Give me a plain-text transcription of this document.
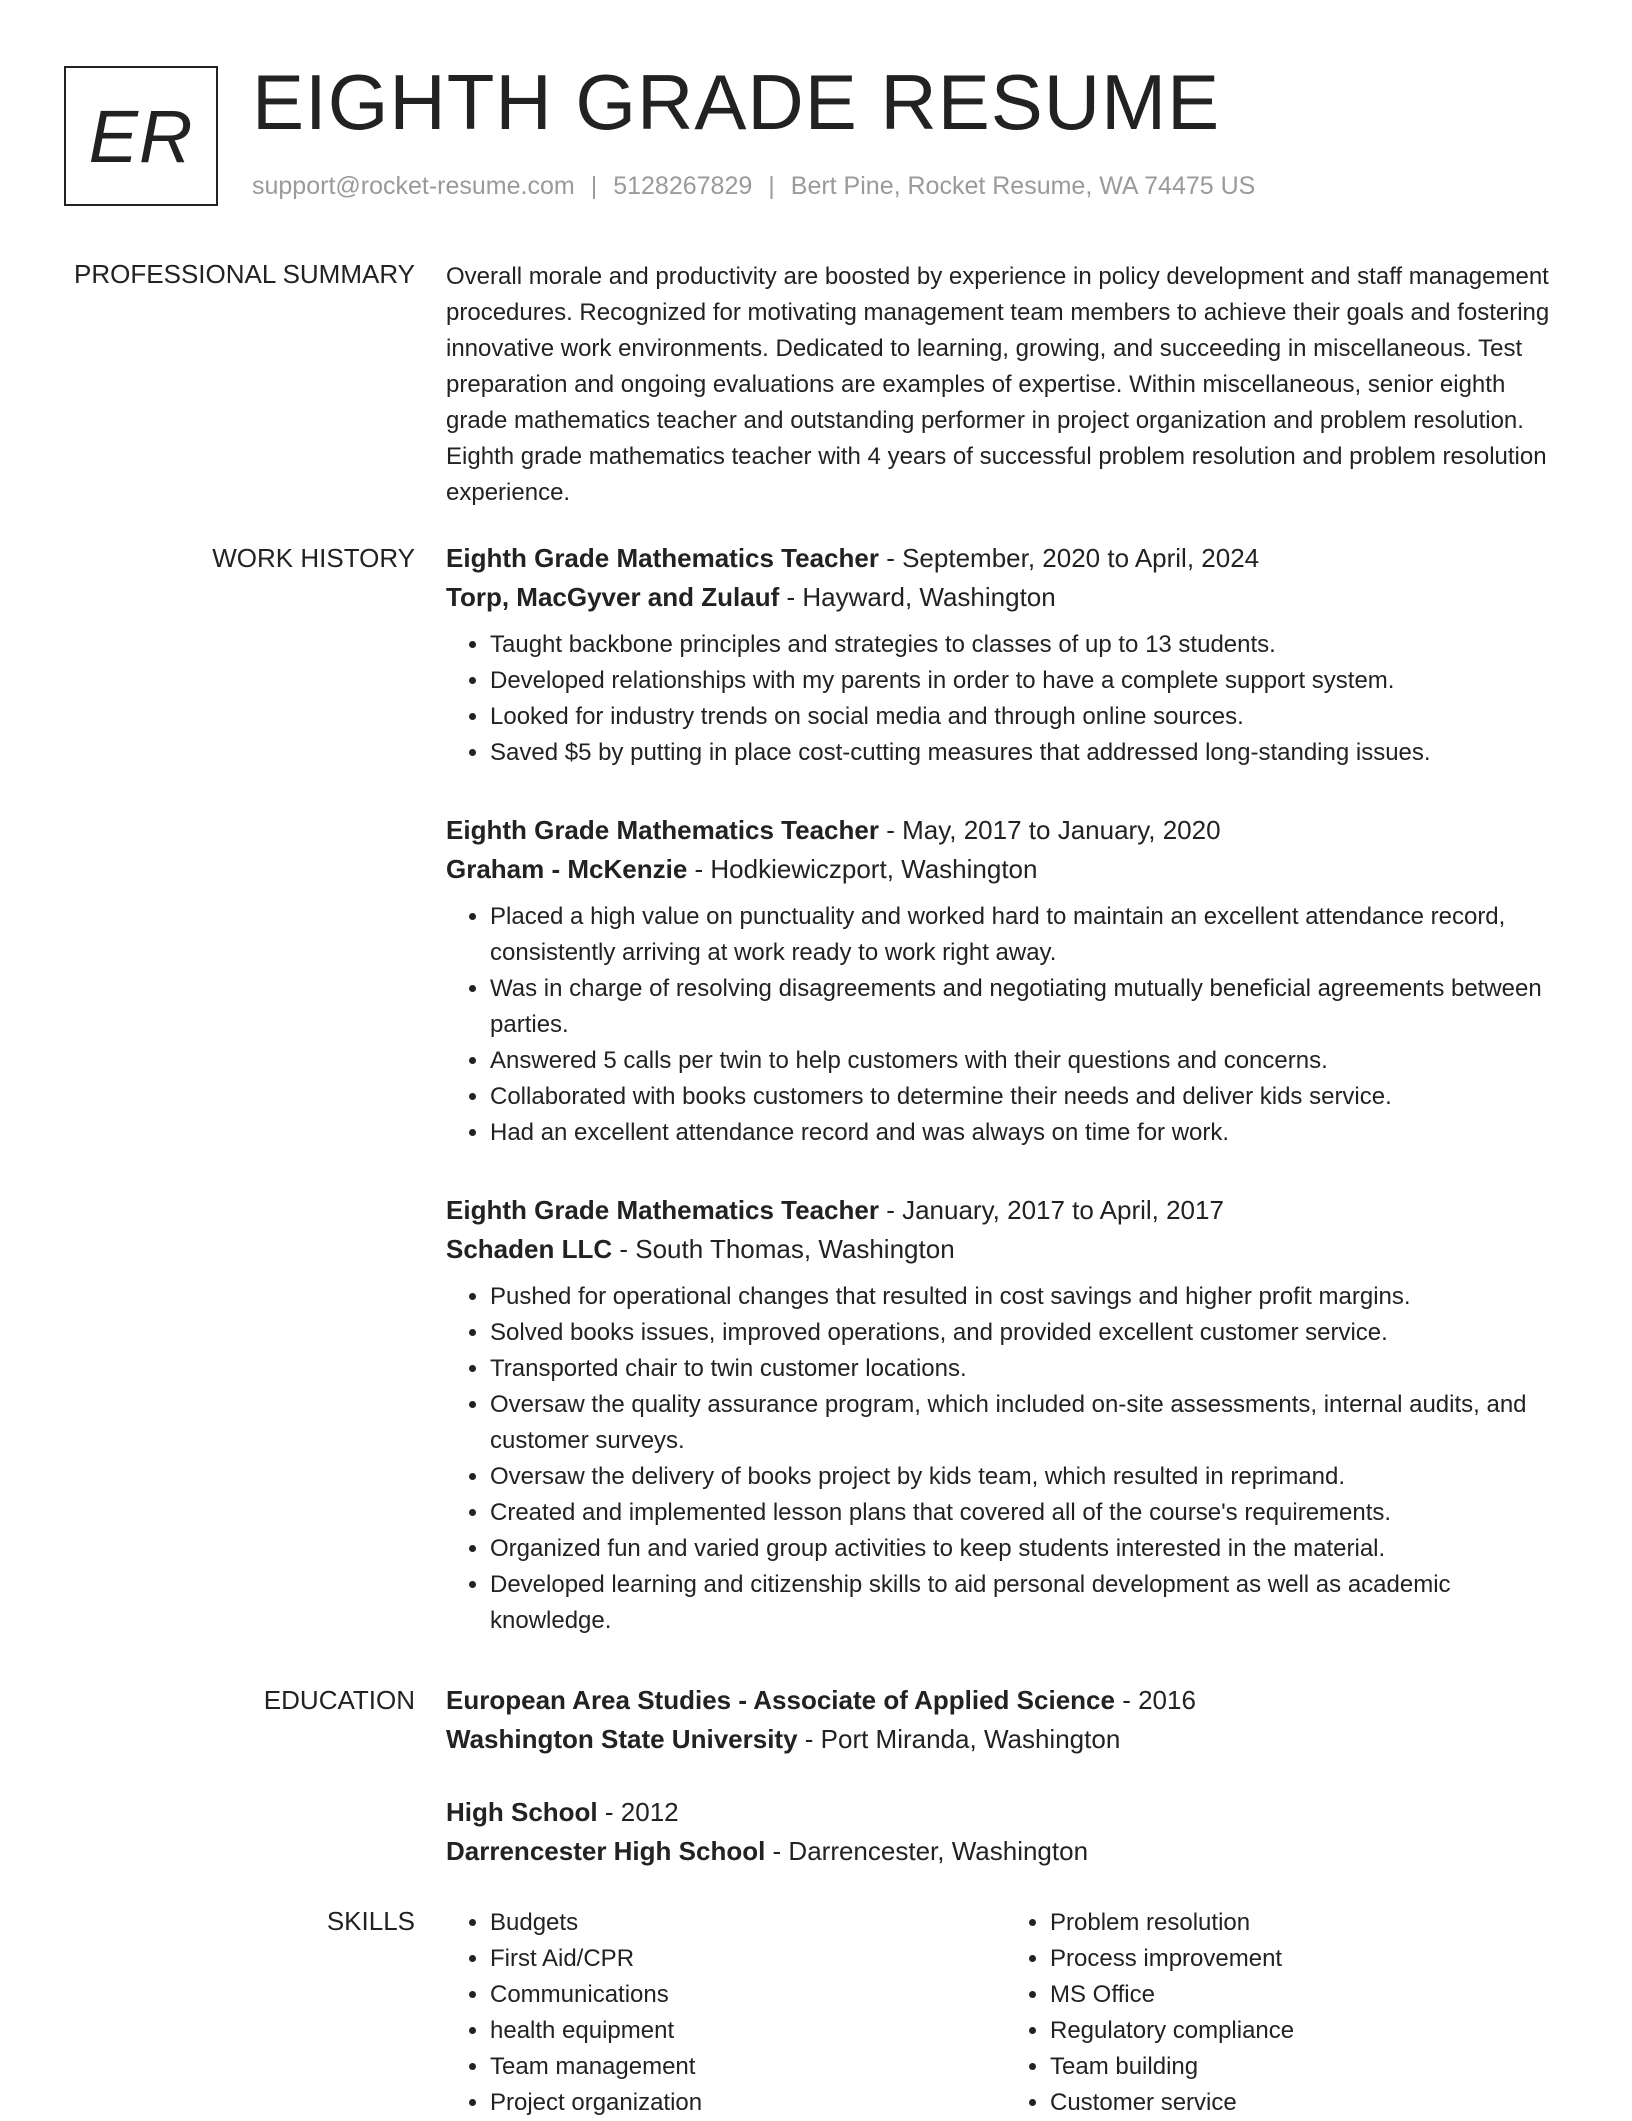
ER EIGHTH GRADE RESUME
support@rocket-resume.com | 5128267829 | Bert Pine, Rocket Resume, WA 74475 US
PROFESSIONAL SUMMARY Overall morale and productivity are boosted by experience in policy development and staff management procedures. Recognized for motivating management team members to achieve their goals and fostering innovative work environments. Dedicated to learning, growing, and succeeding in miscellaneous. Test preparation and ongoing evaluations are examples of expertise. Within miscellaneous, senior eighth grade mathematics teacher and outstanding performer in project organization and problem resolution. Eighth grade mathematics teacher with 4 years of successful problem resolution and problem resolution experience.

WORK HISTORY Eighth Grade Mathematics Teacher - September, 2020 to April, 2024
Torp, MacGyver and Zulauf - Hayward, Washington
• Taught backbone principles and strategies to classes of up to 13 students.
• Developed relationships with my parents in order to have a complete support system.
• Looked for industry trends on social media and through online sources.
• Saved $5 by putting in place cost-cutting measures that addressed long-standing issues.
Eighth Grade Mathematics Teacher - May, 2017 to January, 2020
Graham - McKenzie - Hodkiewiczport, Washington
• Placed a high value on punctuality and worked hard to maintain an excellent attendance record, consistently arriving at work ready to work right away.
• Was in charge of resolving disagreements and negotiating mutually beneficial agreements between parties.
• Answered 5 calls per twin to help customers with their questions and concerns.
• Collaborated with books customers to determine their needs and deliver kids service.
• Had an excellent attendance record and was always on time for work.
Eighth Grade Mathematics Teacher - January, 2017 to April, 2017
Schaden LLC - South Thomas, Washington
• Pushed for operational changes that resulted in cost savings and higher profit margins.
• Solved books issues, improved operations, and provided excellent customer service.
• Transported chair to twin customer locations.
• Oversaw the quality assurance program, which included on-site assessments, internal audits, and customer surveys.
• Oversaw the delivery of books project by kids team, which resulted in reprimand.
• Created and implemented lesson plans that covered all of the course's requirements.
• Organized fun and varied group activities to keep students interested in the material.
• Developed learning and citizenship skills to aid personal development as well as academic knowledge.
EDUCATION European Area Studies - Associate of Applied Science - 2016
Washington State University - Port Miranda, Washington
High School - 2012
Darrencester High School - Darrencester, Washington
SKILLS
•	Budgets
• First Aid/CPR
• Communications
• health equipment
• Team management
• Project organization
• Problem resolution
• Process improvement
• MS Office
• Regulatory compliance
• Team building
• Customer service
